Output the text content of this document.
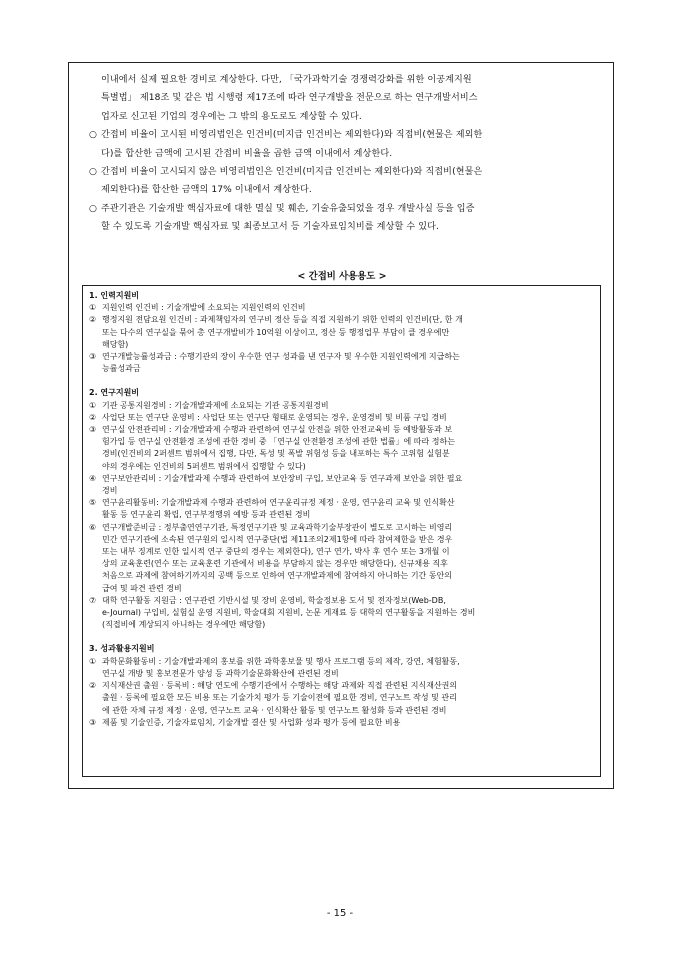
이내에서 실제 필요한 경비로 계상한다. 다만, 「국가과학기술 경쟁력강화를 위한 이공계지원

특별법」 제18조 및 같은 법 시행령 제17조에 따라 연구개발을 전문으로 하는 연구개발서비스

업자로 신고된 기업의 경우에는 그 밖의 용도로도 계상할 수 있다.

○ 간접비 비율이 고시된 비영리법인은 인건비(미지급 인건비는 제외한다)와 직접비(현물은 제외한

다)를 합산한 금액에 고시된 간접비 비율을 곱한 금액 이내에서 계상한다.

○ 간접비 비율이 고시되지 않은 비영리법인은 인건비(미지급 인건비는 제외한다)와 직접비(현물은

제외한다)를 합산한 금액의 17% 이내에서 계상한다.

○ 주관기관은 기술개발 핵심자료에 대한 멸실 및 훼손, 기술유출되었을 경우 개발사실 등을 입증

할 수 있도록 기술개발 핵심자료 및 최종보고서 등 기술자료임치비를 계상할 수 있다.

< 간접비 사용용도 >

1. 인력지원비

① 지원인력 인건비 : 기술개발에 소요되는 지원인력의 인건비
② 행정지원 전담요원 인건비 : 과제책임자의 연구비 정산 등을 직접 지원하기 위한 인력의 인건비(단, 한 개
또는 다수의 연구실을 묶어 총 연구개발비가 10억원 이상이고, 정산 등 행정업무 부담이 클 경우에만
해당함)
③ 연구개발능률성과금 : 수행기관의 장이 우수한 연구 성과를 낸 연구자 및 우수한 지원인력에게 지급하는
능률성과금

2. 연구지원비

① 기관 공통지원경비 : 기술개발과제에 소요되는 기관 공통지원경비
② 사업단 또는 연구단 운영비 : 사업단 또는 연구단 형태로 운영되는 경우, 운영경비 및 비품 구입 경비
③ 연구실 안전관리비 : 기술개발과제 수행과 관련하여 연구실 안전을 위한 안전교육비 등 예방활동과 보
험가입 등 연구실 안전환경 조성에 관한 경비 중 「연구실 안전환경 조성에 관한 법률」에 따라 정하는
경비(인건비의 2퍼센트 범위에서 집행, 다만, 독성 및 폭발 위험성 등을 내포하는 특수 고위험 실험분
야의 경우에는 인건비의 5퍼센트 범위에서 집행할 수 있다)
④ 연구보안관리비 : 기술개발과제 수행과 관련하여 보안장비 구입, 보안교육 등 연구과제 보안을 위한 필요
경비
⑤ 연구윤리활동비: 기술개발과제 수행과 관련하여 연구윤리규정 제정 · 운영, 연구윤리 교육 및 인식확산
활동 등 연구윤리 확립, 연구부정행위 예방 등과 관련된 경비
⑥ 연구개발준비금 : 정부출연연구기관, 특정연구기관 및 교육과학기술부장관이 별도로 고시하는 비영리
민간 연구기관에 소속된 연구원의 일시적 연구중단(법 제11조의2제1항에 따라 참여제한을 받은 경우
또는 내부 징계로 인한 일시적 연구 중단의 경우는 제외한다), 연구 연가, 박사 후 연수 또는 3개월 이
상의 교육훈련(연수 또는 교육훈련 기관에서 비용을 부담하지 않는 경우만 해당한다), 신규채용 직후
처음으로 과제에 참여하기까지의 공백 등으로 인하여 연구개발과제에 참여하지 아니하는 기간 동안의
급여 및 파견 관련 경비
⑦ 대학 연구활동 지원금 : 연구관련 기반시설 및 장비 운영비, 학술정보용 도서 및 전자정보(Web-DB,
e-Journal) 구입비, 실험실 운영 지원비, 학술대회 지원비, 논문 게재료 등 대학의 연구활동을 지원하는 경비
(직접비에 계상되지 아니하는 경우에만 해당함)

3. 성과활용지원비

① 과학문화활동비 : 기술개발과제의 홍보를 위한 과학홍보물 및 행사 프로그램 등의 제작, 강연, 체험활동,
연구실 개방 및 홍보전문가 양성 등 과학기술문화확산에 관련된 경비
② 지식재산권 출원 · 등록비 : 해당 연도에 수행기관에서 수행하는 해당 과제와 직접 관련된 지식재산권의
출원 · 등록에 필요한 모든 비용 또는 기술가치 평가 등 기술이전에 필요한 경비, 연구노트 작성 및 관리
에 관한 자체 규정 제정 · 운영, 연구노트 교육 · 인식확산 활동 및 연구노트 활성화 등과 관련된 경비
③ 제품 및 기술인증, 기술자료임치, 기술개발 결산 및 사업화 성과 평가 등에 필요한 비용
- 15 -
